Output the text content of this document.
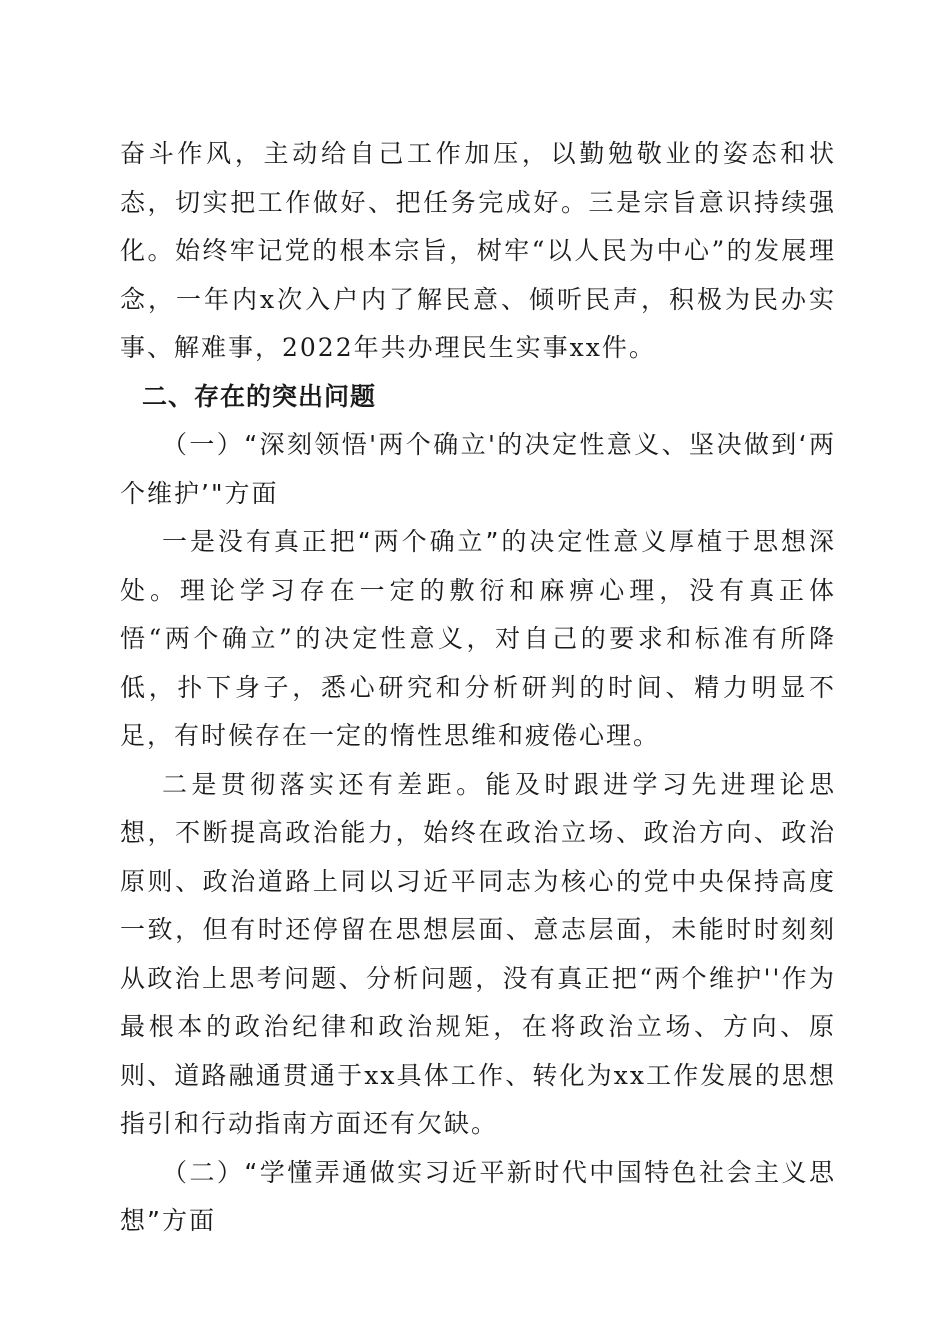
奋斗作风，主动给自己工作加压，以勤勉敬业的姿态和状态，切实把工作做好、把任务完成好。三是宗旨意识持续强化。始终牢记党的根本宗旨，树牢“以人民为中心”的发展理念，一年内x次入户内了解民意、倾听民声，积极为民办实事、解难事，2022年共办理民生实事xx件。

二、存在的突出问题

（一）“深刻领悟'两个确立'的决定性意义、坚决做到‘两个维护’"方面

一是没有真正把“两个确立”的决定性意义厚植于思想深处。理论学习存在一定的敷衍和麻痹心理，没有真正体悟“两个确立”的决定性意义，对自己的要求和标准有所降低，扑下身子，悉心研究和分析研判的时间、精力明显不足，有时候存在一定的惰性思维和疲倦心理。

二是贯彻落实还有差距。能及时跟进学习先进理论思想，不断提高政治能力，始终在政治立场、政治方向、政治原则、政治道路上同以习近平同志为核心的党中央保持高度一致，但有时还停留在思想层面、意志层面，未能时时刻刻从政治上思考问题、分析问题，没有真正把“两个维护''作为最根本的政治纪律和政治规矩，在将政治立场、方向、原则、道路融通贯通于xx具体工作、转化为xx工作发展的思想指引和行动指南方面还有欠缺。

（二）“学懂弄通做实习近平新时代中国特色社会主义思想”方面
